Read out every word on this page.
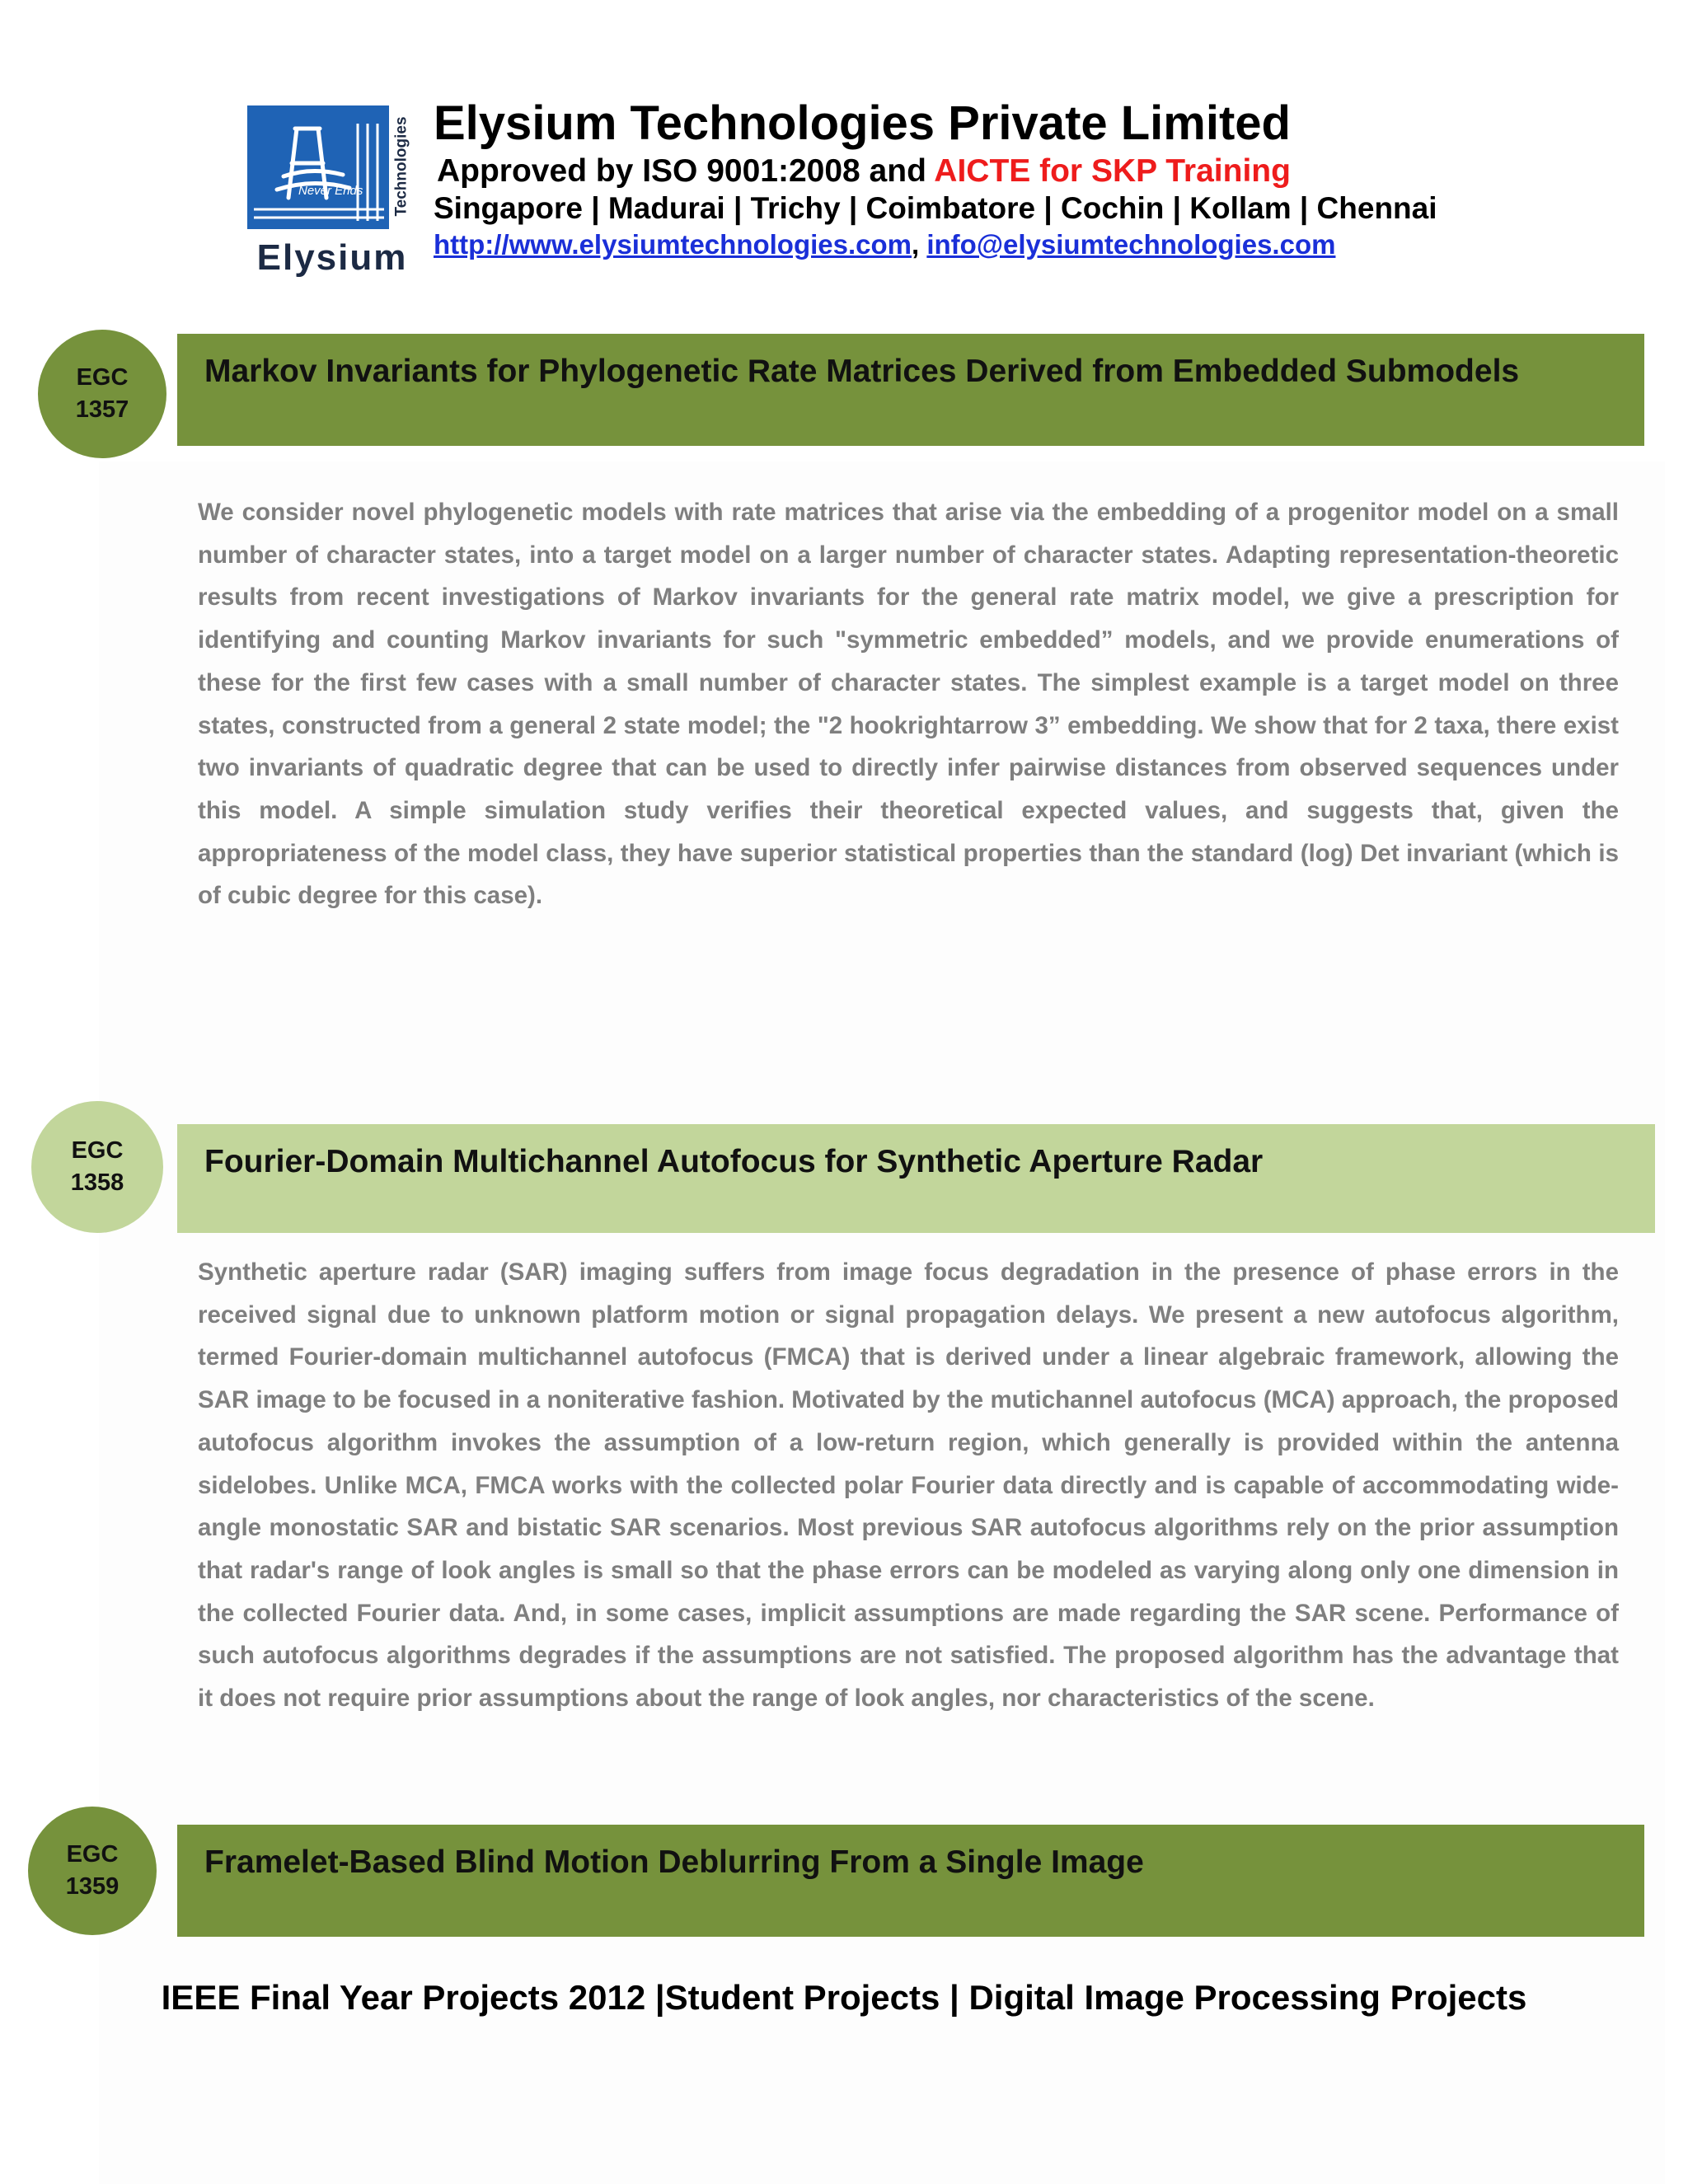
Never Ends Technologies
Elysium
Elysium Technologies Private Limited
Approved by ISO 9001:2008 and AICTE for SKP Training
Singapore | Madurai | Trichy | Coimbatore | Cochin | Kollam | Chennai
http://www.elysiumtechnologies.com, info@elysiumtechnologies.com
EGC
1357
Markov Invariants for Phylogenetic Rate Matrices Derived from Embedded Submodels

We consider novel phylogenetic models with rate matrices that arise via the embedding of a progenitor model on a small number of character states, into a target model on a larger number of character states. Adapting representation-theoretic results from recent investigations of Markov invariants for the general rate matrix model, we give a prescription for identifying and counting Markov invariants for such "symmetric embedded” models, and we provide enumerations of these for the first few cases with a small number of character states. The simplest example is a target model on three states, constructed from a general 2 state model; the "2 hookrightarrow 3” embedding. We show that for 2 taxa, there exist two invariants of quadratic degree that can be used to directly infer pairwise distances from observed sequences under this model. A simple simulation study verifies their theoretical expected values, and suggests that, given the appropriateness of the model class, they have superior statistical properties than the standard (log) Det invariant (which is of cubic degree for this case).

EGC
1358
Fourier-Domain Multichannel Autofocus for Synthetic Aperture Radar

Synthetic aperture radar (SAR) imaging suffers from image focus degradation in the presence of phase errors in the received signal due to unknown platform motion or signal propagation delays. We present a new autofocus algorithm, termed Fourier-domain multichannel autofocus (FMCA) that is derived under a linear algebraic framework, allowing the SAR image to be focused in a noniterative fashion. Motivated by the mutichannel autofocus (MCA) approach, the proposed autofocus algorithm invokes the assumption of a low-return region, which generally is provided within the antenna sidelobes. Unlike MCA, FMCA works with the collected polar Fourier data directly and is capable of accommodating wide-angle monostatic SAR and bistatic SAR scenarios. Most previous SAR autofocus algorithms rely on the prior assumption that radar's range of look angles is small so that the phase errors can be modeled as varying along only one dimension in the collected Fourier data. And, in some cases, implicit assumptions are made regarding the SAR scene. Performance of such autofocus algorithms degrades if the assumptions are not satisfied. The proposed algorithm has the advantage that it does not require prior assumptions about the range of look angles, nor characteristics of the scene.

EGC
1359
Framelet-Based Blind Motion Deblurring From a Single Image
IEEE Final Year Projects 2012 |Student Projects | Digital Image Processing Projects
